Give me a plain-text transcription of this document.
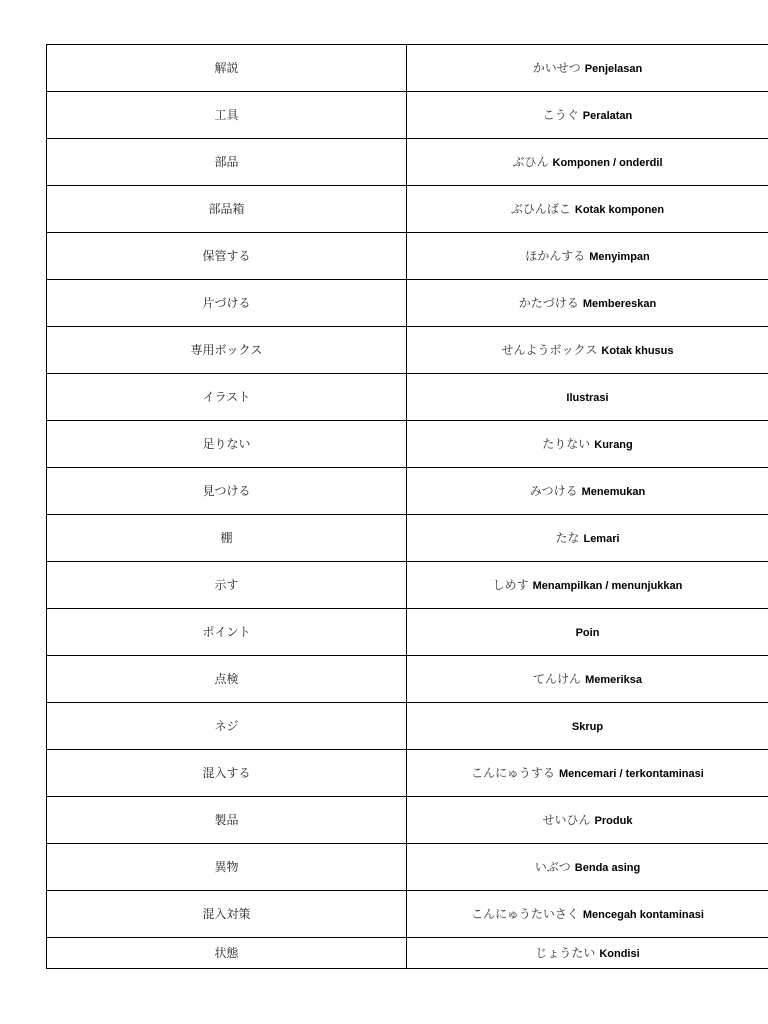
解説	かいせつ Penjelasan
工具	こうぐ Peralatan
部品	ぶひん Komponen / onderdil
部品箱	ぶひんばこ Kotak komponen
保管する	ほかんする Menyimpan
片づける	かたづける Membereskan
専用ボックス	せんようボックス Kotak khusus
イラスト	Ilustrasi
足りない	たりない Kurang
見つける	みつける Menemukan
棚	たな Lemari
示す	しめす Menampilkan / menunjukkan
ポイント	Poin
点検	てんけん Memeriksa
ネジ	Skrup
混入する	こんにゅうする Mencemari / terkontaminasi
製品	せいひん Produk
異物	いぶつ Benda asing
混入対策	こんにゅうたいさく Mencegah kontaminasi
状態	じょうたい Kondisi
